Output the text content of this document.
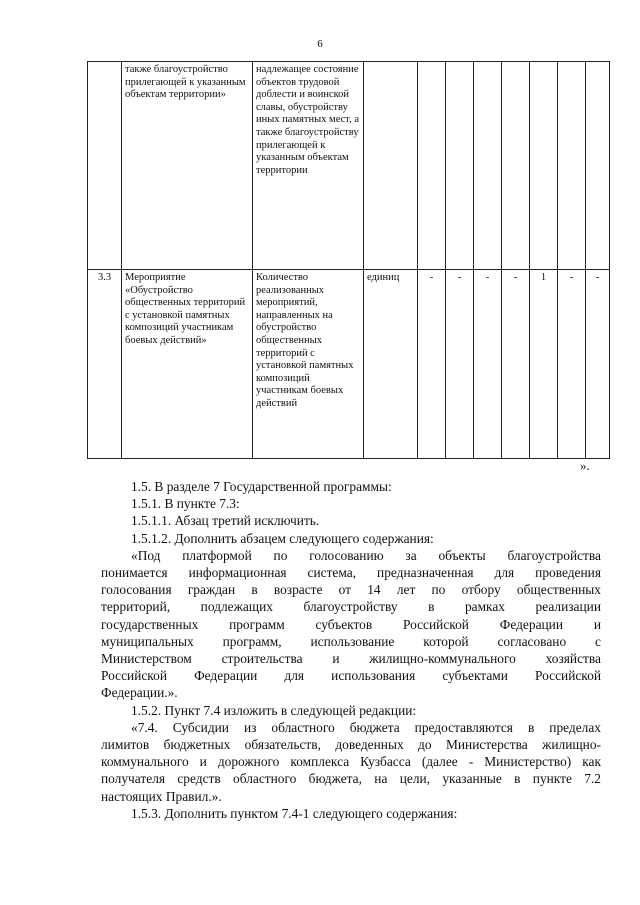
6
	также благоустройство прилегающей к указанным объектам территории»	надлежащее состояние объектов трудовой доблести и воинской славы, обустройству иных памятных мест, а также благоустройству прилегающей к указанным объектам территории								
3.3	Мероприятие «Обустройство общественных территорий с установкой памятных композиций участникам боевых действий»	Количество реализованных мероприятий, направленных на обустройство общественных территорий с установкой памятных композиций участникам боевых действий	единиц	-	-	-	-	1	-	-
».

1.5. В разделе 7 Государственной программы:

1.5.1. В пункте 7.3:

1.5.1.1. Абзац третий исключить.

1.5.1.2. Дополнить абзацем следующего содержания:

«Под платформой по голосованию за объекты благоустройства
понимается информационная система, предназначенная для проведения
голосования граждан в возрасте от 14 лет по отбору общественных
территорий, подлежащих благоустройству в рамках реализации
государственных программ субъектов Российской Федерации и
муниципальных программ, использование которой согласовано с
Министерством строительства и жилищно-коммунального хозяйства
Российской Федерации для использования субъектами Российской
Федерации.».

1.5.2. Пункт 7.4 изложить в следующей редакции:

«7.4. Субсидии из областного бюджета предоставляются в пределах
лимитов бюджетных обязательств, доведенных до Министерства жилищно-
коммунального и дорожного комплекса Кузбасса (далее - Министерство) как
получателя средств областного бюджета, на цели, указанные в пункте 7.2
настоящих Правил.».

1.5.3. Дополнить пунктом 7.4-1 следующего содержания:
